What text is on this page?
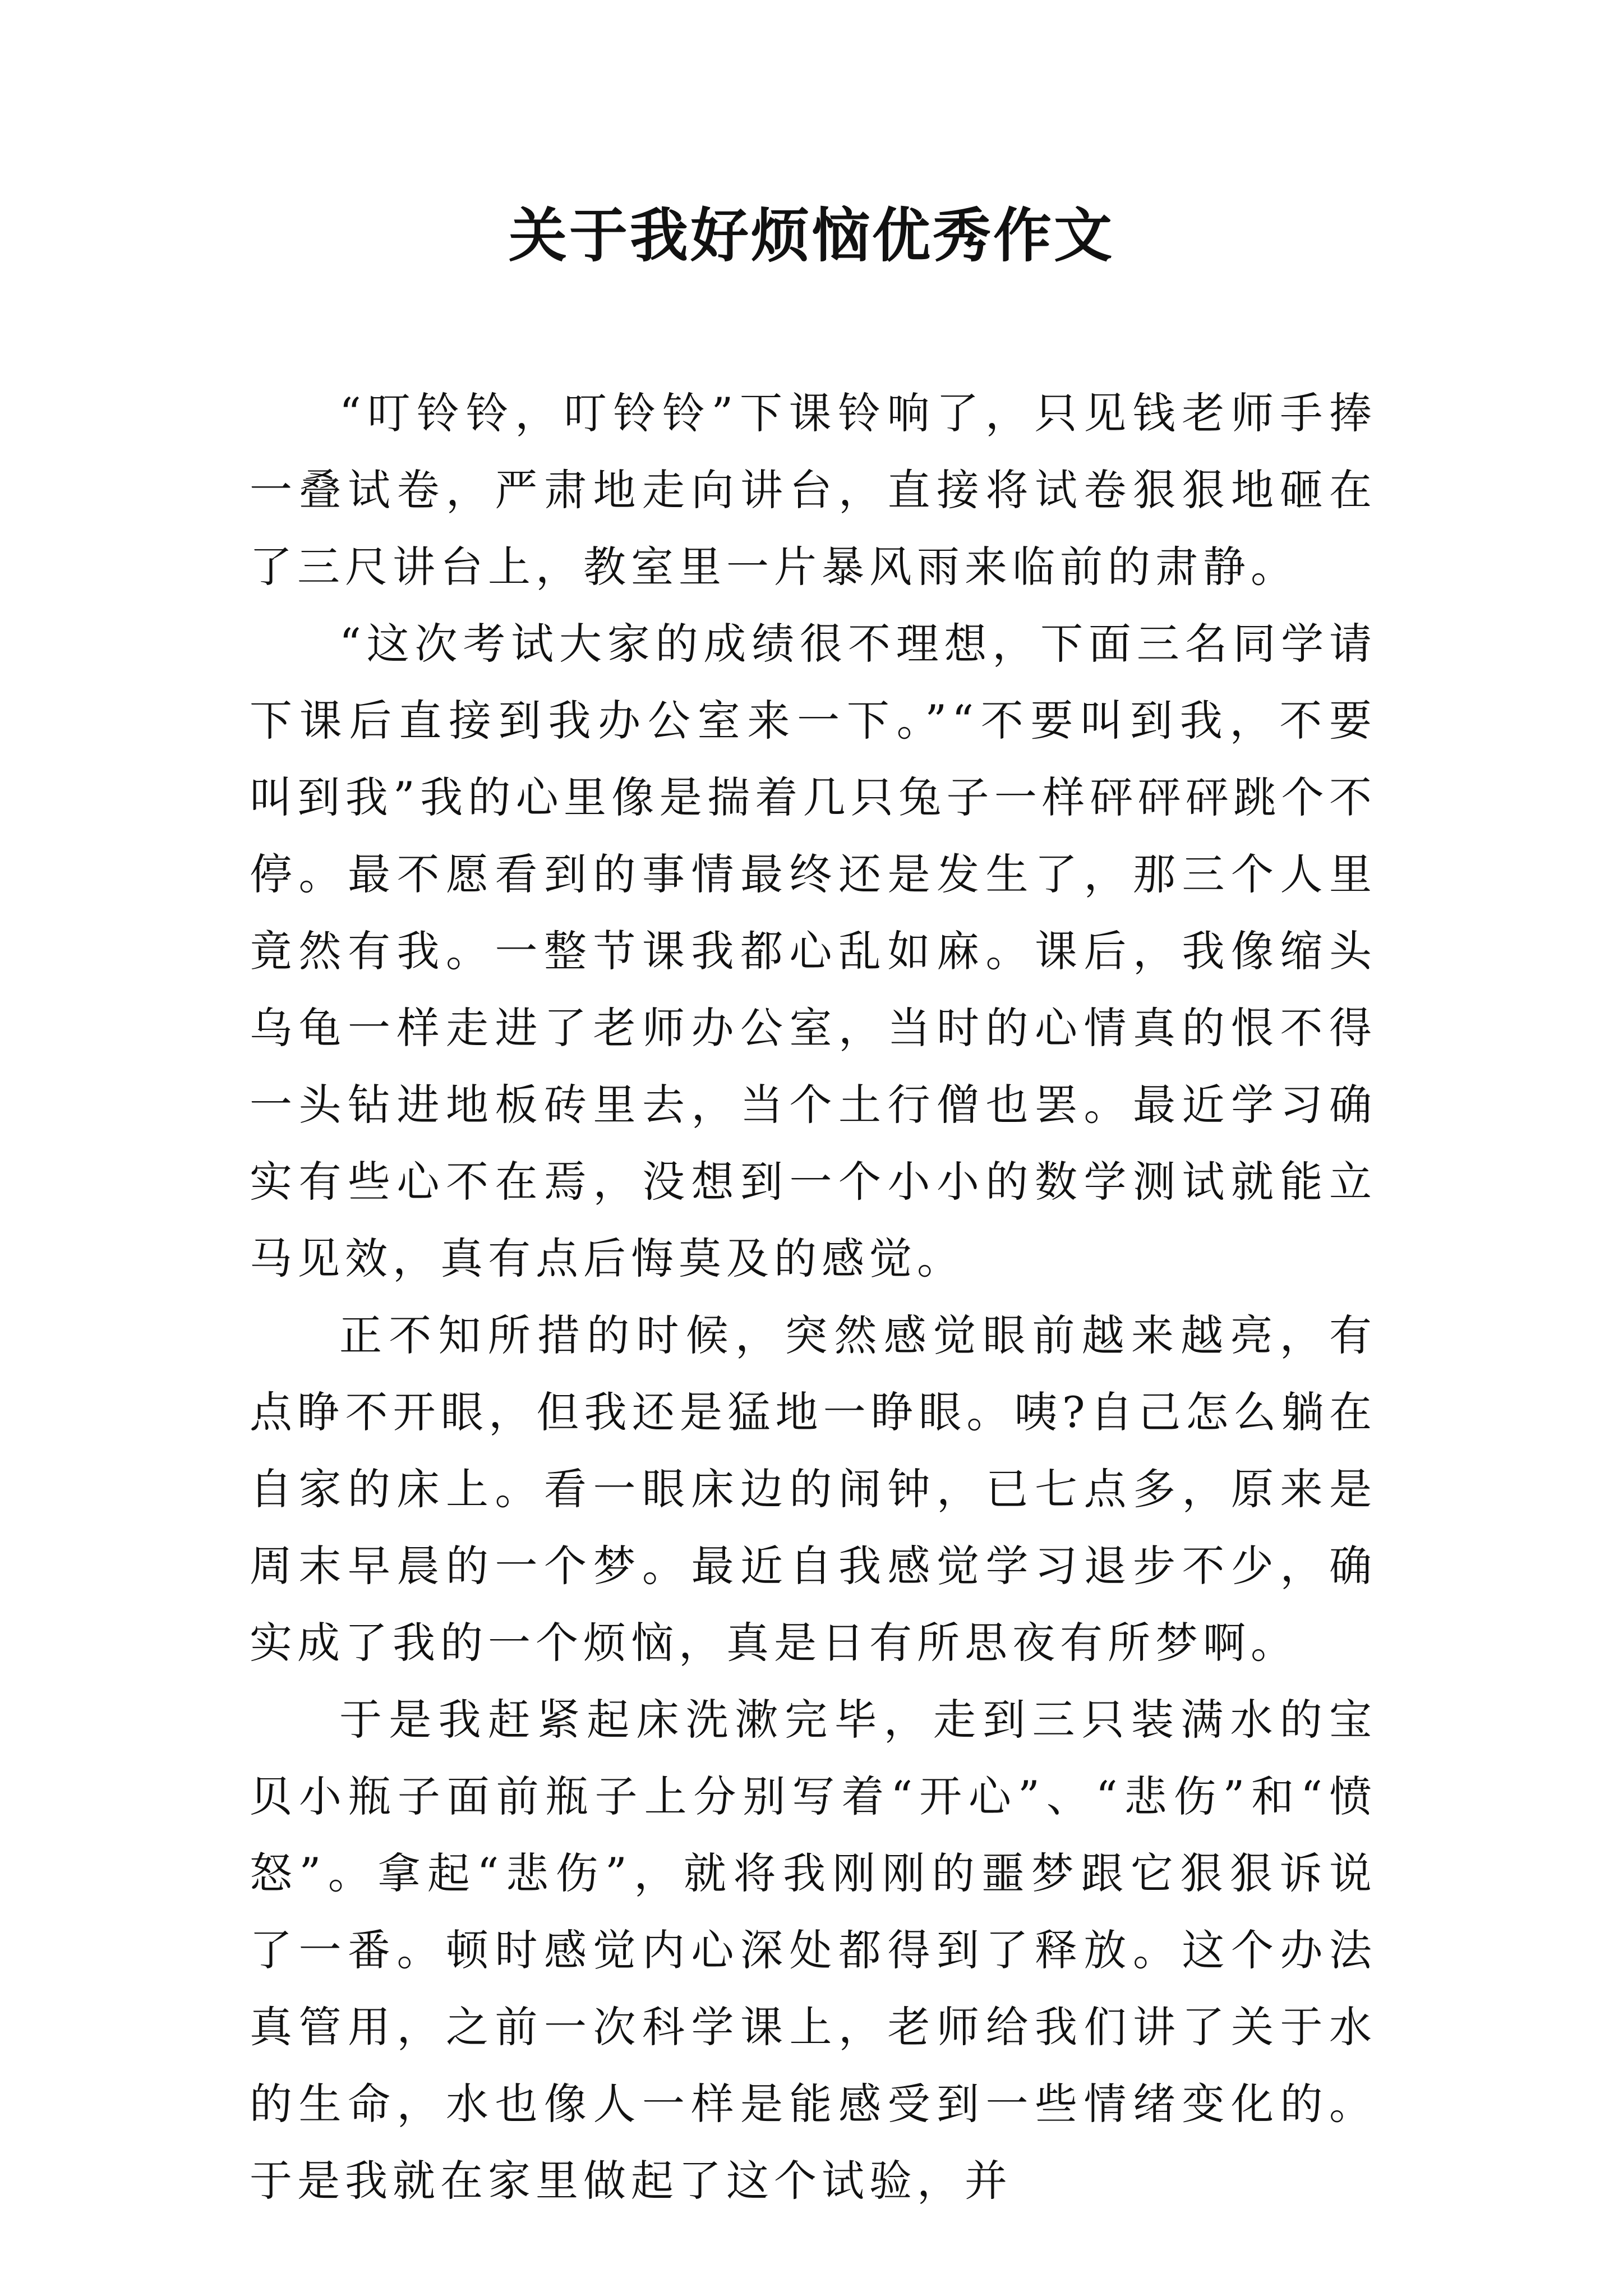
关于我好烦恼优秀作文

“叮铃铃，叮铃铃”下课铃响了，只见钱老师手捧一叠试卷，严肃地走向讲台，直接将试卷狠狠地砸在了三尺讲台上，教室里一片暴风雨来临前的肃静。

“这次考试大家的成绩很不理想，下面三名同学请下课后直接到我办公室来一下。”“不要叫到我，不要叫到我”我的心里像是揣着几只兔子一样砰砰砰跳个不停。最不愿看到的事情最终还是发生了，那三个人里竟然有我。一整节课我都心乱如麻。课后，我像缩头乌龟一样走进了老师办公室，当时的心情真的恨不得一头钻进地板砖里去，当个土行僧也罢。最近学习确实有些心不在焉，没想到一个小小的数学测试就能立马见效，真有点后悔莫及的感觉。

正不知所措的时候，突然感觉眼前越来越亮，有点睁不开眼，但我还是猛地一睁眼。咦?自己怎么躺在自家的床上。看一眼床边的闹钟，已七点多，原来是周末早晨的一个梦。最近自我感觉学习退步不少，确实成了我的一个烦恼，真是日有所思夜有所梦啊。

于是我赶紧起床洗漱完毕，走到三只装满水的宝贝小瓶子面前瓶子上分别写着“开心”、“悲伤”和“愤怒”。拿起“悲伤”，就将我刚刚的噩梦跟它狠狠诉说了一番。顿时感觉内心深处都得到了释放。这个办法真管用，之前一次科学课上，老师给我们讲了关于水的生命，水也像人一样是能感受到一些情绪变化的。于是我就在家里做起了这个试验，并
